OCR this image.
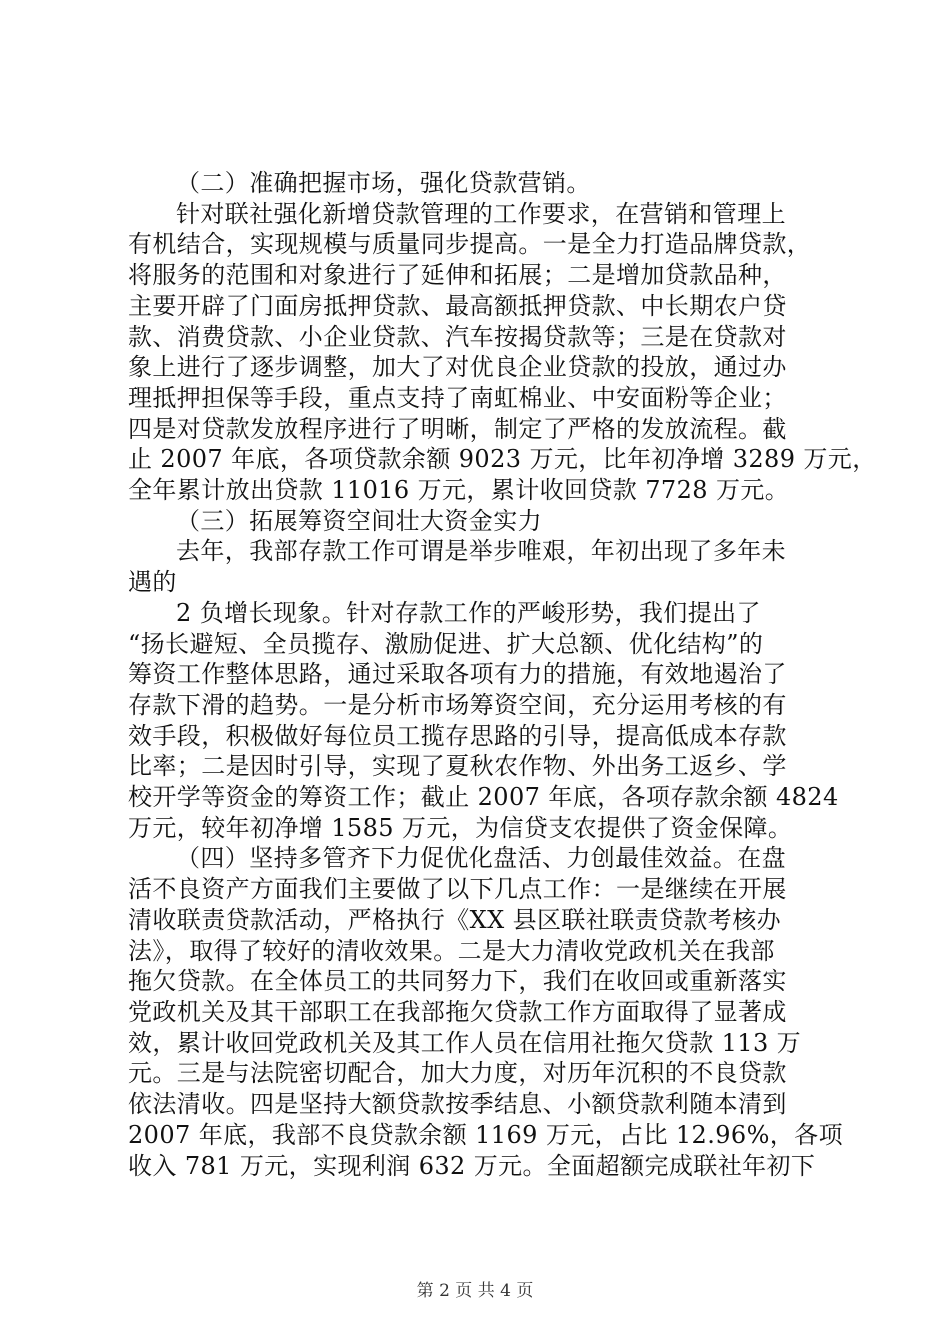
（二）准确把握市场，强化贷款营销。
针对联社强化新增贷款管理的工作要求，在营销和管理上
有机结合，实现规模与质量同步提高。一是全力打造品牌贷款，
将服务的范围和对象进行了延伸和拓展；二是增加贷款品种，
主要开辟了门面房抵押贷款、最高额抵押贷款、中长期农户贷
款、消费贷款、小企业贷款、汽车按揭贷款等；三是在贷款对
象上进行了逐步调整，加大了对优良企业贷款的投放，通过办
理抵押担保等手段，重点支持了南虹棉业、中安面粉等企业；
四是对贷款发放程序进行了明晰，制定了严格的发放流程。截
止 2007 年底，各项贷款余额 9023 万元，比年初净增 3289 万元，
全年累计放出贷款 11016 万元，累计收回贷款 7728 万元。
（三）拓展筹资空间壮大资金实力
去年，我部存款工作可谓是举步唯艰，年初出现了多年未
遇的
2 负增长现象。针对存款工作的严峻形势，我们提出了
“扬长避短、全员揽存、激励促进、扩大总额、优化结构”的
筹资工作整体思路，通过采取各项有力的措施，有效地遏治了
存款下滑的趋势。一是分析市场筹资空间，充分运用考核的有
效手段，积极做好每位员工揽存思路的引导，提高低成本存款
比率；二是因时引导，实现了夏秋农作物、外出务工返乡、学
校开学等资金的筹资工作；截止 2007 年底，各项存款余额 4824
万元，较年初净增 1585 万元，为信贷支农提供了资金保障。
（四）坚持多管齐下力促优化盘活、力创最佳效益。在盘
活不良资产方面我们主要做了以下几点工作：一是继续在开展
清收联责贷款活动，严格执行《XX 县区联社联责贷款考核办
法》，取得了较好的清收效果。二是大力清收党政机关在我部
拖欠贷款。在全体员工的共同努力下，我们在收回或重新落实
党政机关及其干部职工在我部拖欠贷款工作方面取得了显著成
效，累计收回党政机关及其工作人员在信用社拖欠贷款 113 万
元。三是与法院密切配合，加大力度，对历年沉积的不良贷款
依法清收。四是坚持大额贷款按季结息、小额贷款利随本清到
2007 年底，我部不良贷款余额 1169 万元，占比 12.96%，各项
收入 781 万元，实现利润 632 万元。全面超额完成联社年初下
第 2 页 共 4 页
